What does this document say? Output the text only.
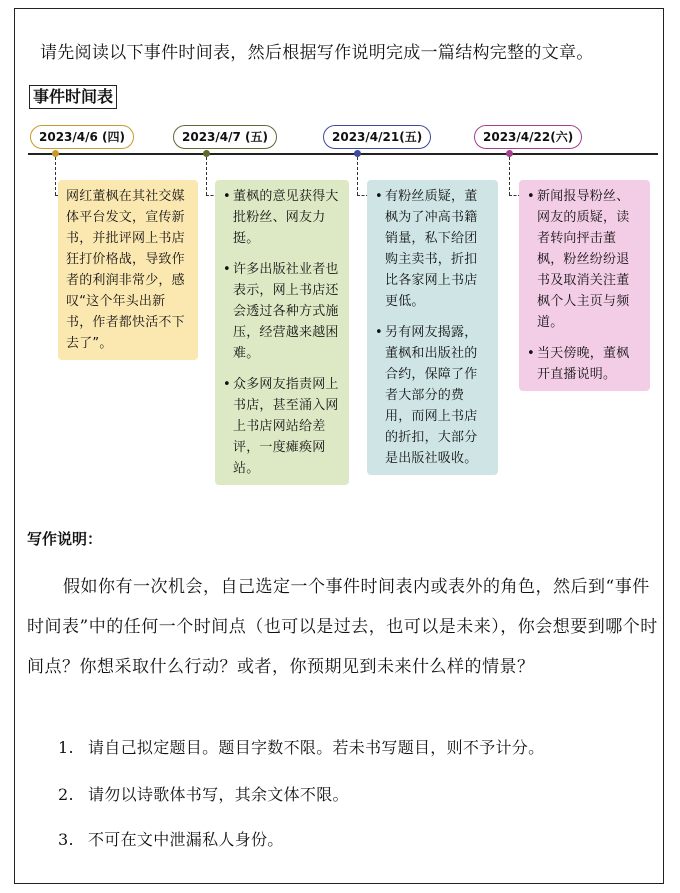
请先阅读以下事件时间表，然后根据写作说明完成一篇结构完整的文章。
事件时间表
2023/4/6 (四)

网红董枫在其社交媒体平台发文，宣传新书，并批评网上书店狂打价格战，导致作者的利润非常少，感叹“这个年头出新书，作者都快活不下去了”。

2023/4/7 (五)
• 董枫的意见获得大批粉丝、网友力挺。
• 许多出版社业者也表示，网上书店还会透过各种方式施压，经营越来越困难。
• 众多网友指责网上书店，甚至涌入网上书店网站给差评，一度瘫痪网站。
2023/4/21(五)
• 有粉丝质疑，董枫为了冲高书籍销量，私下给团购主卖书，折扣比各家网上书店更低。
• 另有网友揭露，董枫和出版社的合约，保障了作者大部分的费用，而网上书店的折扣，大部分是出版社吸收。
2023/4/22(六)
• 新闻报导粉丝、网友的质疑，读者转向抨击董枫，粉丝纷纷退书及取消关注董枫个人主页与频道。
• 当天傍晚，董枫开直播说明。
写作说明：
假如你有一次机会，自己选定一个事件时间表内或表外的角色，然后到“事件时间表”中的任何一个时间点（也可以是过去，也可以是未来），你会想要到哪个时间点？你想采取什么行动？或者，你预期见到未来什么样的情景？
1. 请自己拟定题目。题目字数不限。若未书写题目，则不予计分。
2. 请勿以诗歌体书写，其余文体不限。
3. 不可在文中泄漏私人身份。
